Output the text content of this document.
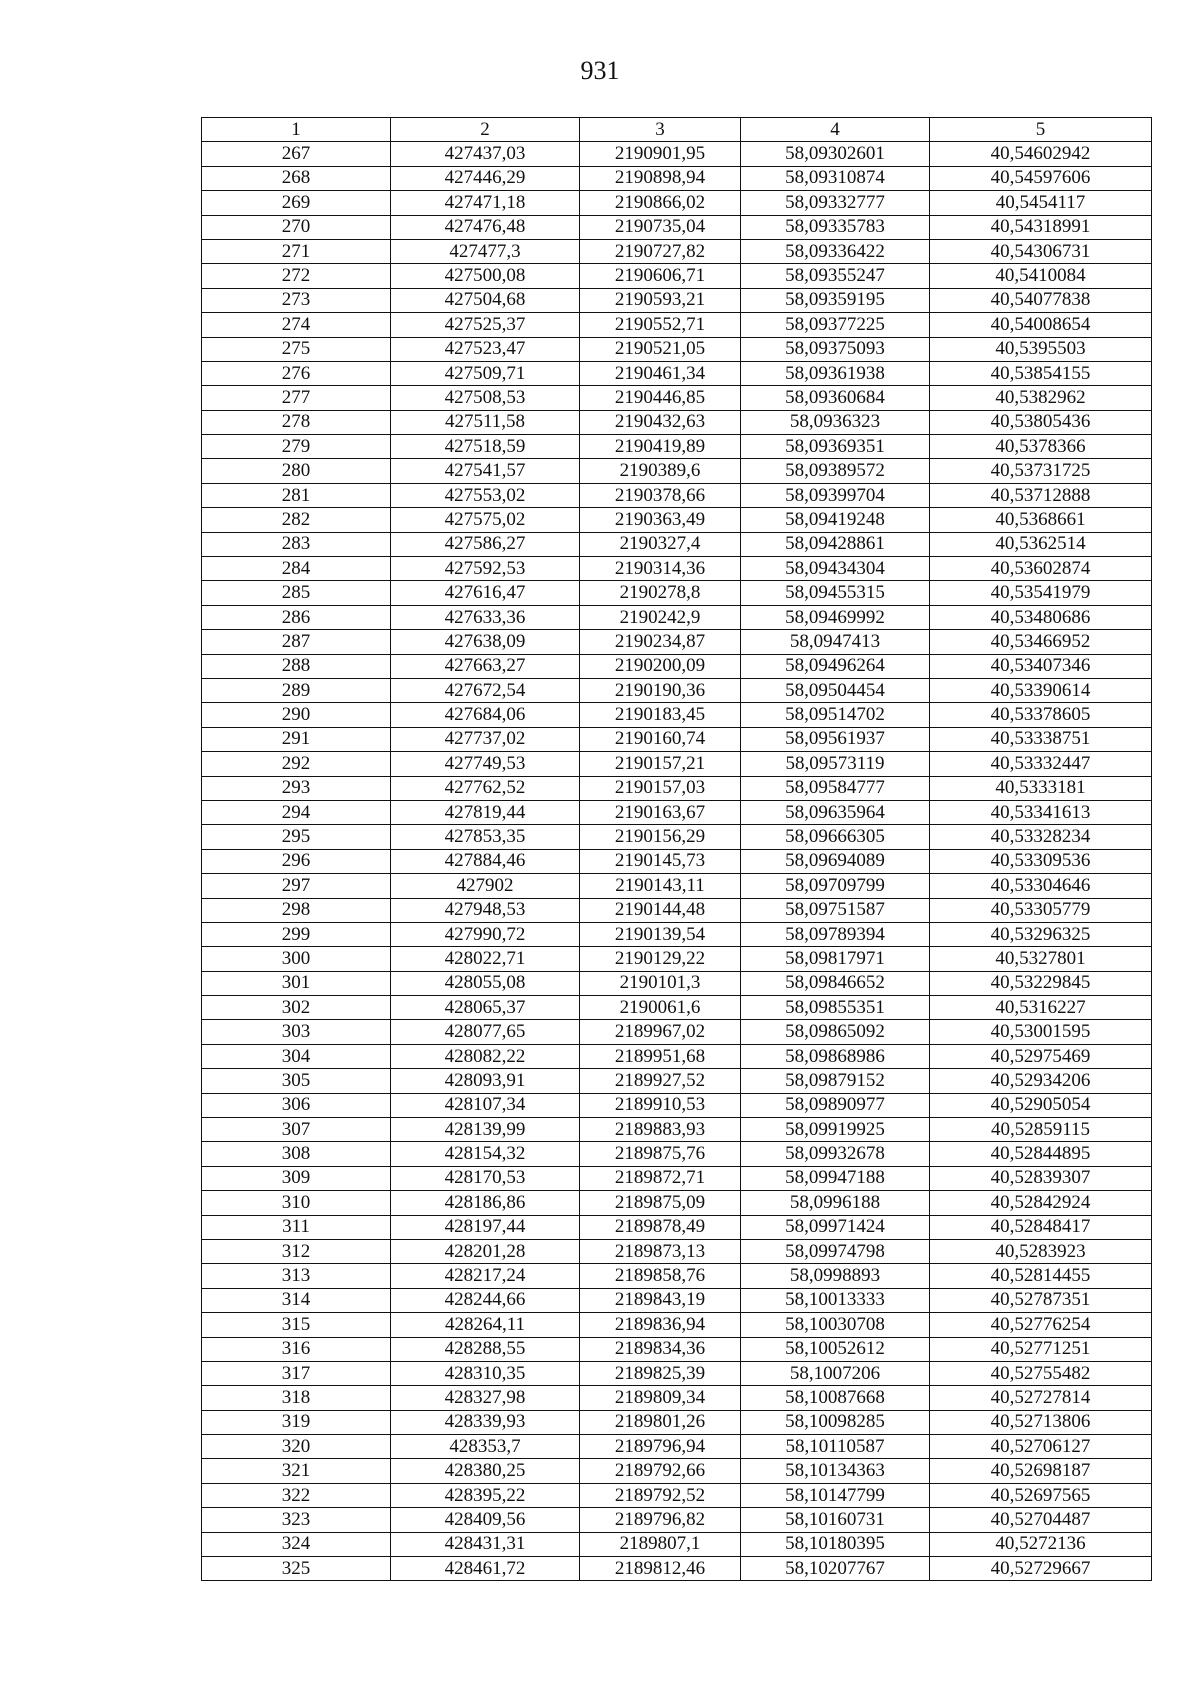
931
1	2	3	4	5
267	427437,03	2190901,95	58,09302601	40,54602942
268	427446,29	2190898,94	58,09310874	40,54597606
269	427471,18	2190866,02	58,09332777	40,5454117
270	427476,48	2190735,04	58,09335783	40,54318991
271	427477,3	2190727,82	58,09336422	40,54306731
272	427500,08	2190606,71	58,09355247	40,5410084
273	427504,68	2190593,21	58,09359195	40,54077838
274	427525,37	2190552,71	58,09377225	40,54008654
275	427523,47	2190521,05	58,09375093	40,5395503
276	427509,71	2190461,34	58,09361938	40,53854155
277	427508,53	2190446,85	58,09360684	40,5382962
278	427511,58	2190432,63	58,0936323	40,53805436
279	427518,59	2190419,89	58,09369351	40,5378366
280	427541,57	2190389,6	58,09389572	40,53731725
281	427553,02	2190378,66	58,09399704	40,53712888
282	427575,02	2190363,49	58,09419248	40,5368661
283	427586,27	2190327,4	58,09428861	40,5362514
284	427592,53	2190314,36	58,09434304	40,53602874
285	427616,47	2190278,8	58,09455315	40,53541979
286	427633,36	2190242,9	58,09469992	40,53480686
287	427638,09	2190234,87	58,0947413	40,53466952
288	427663,27	2190200,09	58,09496264	40,53407346
289	427672,54	2190190,36	58,09504454	40,53390614
290	427684,06	2190183,45	58,09514702	40,53378605
291	427737,02	2190160,74	58,09561937	40,53338751
292	427749,53	2190157,21	58,09573119	40,53332447
293	427762,52	2190157,03	58,09584777	40,5333181
294	427819,44	2190163,67	58,09635964	40,53341613
295	427853,35	2190156,29	58,09666305	40,53328234
296	427884,46	2190145,73	58,09694089	40,53309536
297	427902	2190143,11	58,09709799	40,53304646
298	427948,53	2190144,48	58,09751587	40,53305779
299	427990,72	2190139,54	58,09789394	40,53296325
300	428022,71	2190129,22	58,09817971	40,5327801
301	428055,08	2190101,3	58,09846652	40,53229845
302	428065,37	2190061,6	58,09855351	40,5316227
303	428077,65	2189967,02	58,09865092	40,53001595
304	428082,22	2189951,68	58,09868986	40,52975469
305	428093,91	2189927,52	58,09879152	40,52934206
306	428107,34	2189910,53	58,09890977	40,52905054
307	428139,99	2189883,93	58,09919925	40,52859115
308	428154,32	2189875,76	58,09932678	40,52844895
309	428170,53	2189872,71	58,09947188	40,52839307
310	428186,86	2189875,09	58,0996188	40,52842924
311	428197,44	2189878,49	58,09971424	40,52848417
312	428201,28	2189873,13	58,09974798	40,5283923
313	428217,24	2189858,76	58,0998893	40,52814455
314	428244,66	2189843,19	58,10013333	40,52787351
315	428264,11	2189836,94	58,10030708	40,52776254
316	428288,55	2189834,36	58,10052612	40,52771251
317	428310,35	2189825,39	58,1007206	40,52755482
318	428327,98	2189809,34	58,10087668	40,52727814
319	428339,93	2189801,26	58,10098285	40,52713806
320	428353,7	2189796,94	58,10110587	40,52706127
321	428380,25	2189792,66	58,10134363	40,52698187
322	428395,22	2189792,52	58,10147799	40,52697565
323	428409,56	2189796,82	58,10160731	40,52704487
324	428431,31	2189807,1	58,10180395	40,5272136
325	428461,72	2189812,46	58,10207767	40,52729667
